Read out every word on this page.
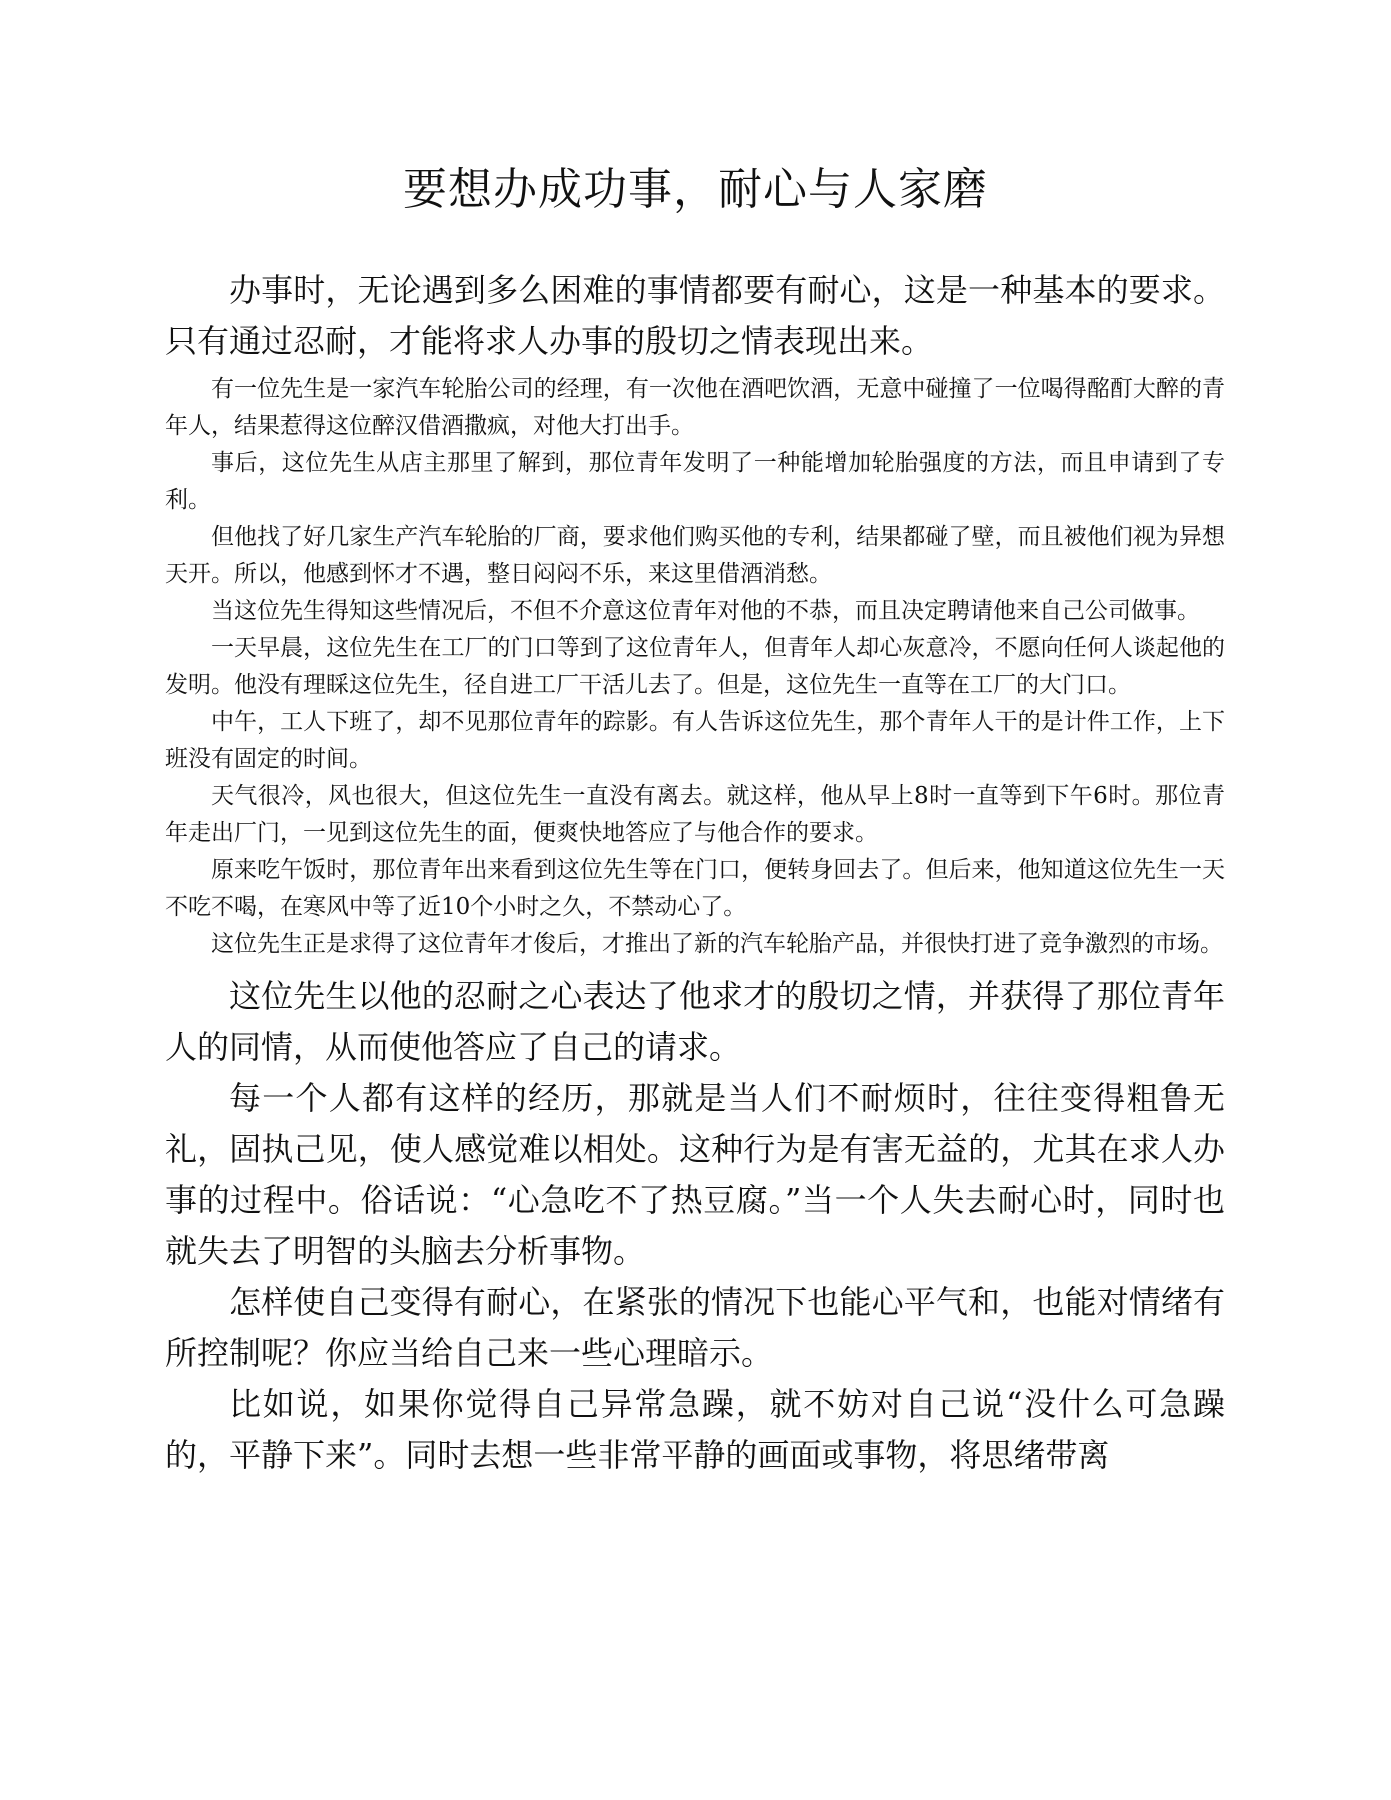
要想办成功事，耐心与人家磨

办事时，无论遇到多么困难的事情都要有耐心，这是一种基本的要求。只有通过忍耐，才能将求人办事的殷切之情表现出来。

有一位先生是一家汽车轮胎公司的经理，有一次他在酒吧饮酒，无意中碰撞了一位喝得酩酊大醉的青年人，结果惹得这位醉汉借酒撒疯，对他大打出手。

事后，这位先生从店主那里了解到，那位青年发明了一种能增加轮胎强度的方法，而且申请到了专利。

但他找了好几家生产汽车轮胎的厂商，要求他们购买他的专利，结果都碰了壁，而且被他们视为异想天开。所以，他感到怀才不遇，整日闷闷不乐，来这里借酒消愁。

当这位先生得知这些情况后，不但不介意这位青年对他的不恭，而且决定聘请他来自己公司做事。

一天早晨，这位先生在工厂的门口等到了这位青年人，但青年人却心灰意冷，不愿向任何人谈起他的发明。他没有理睬这位先生，径自进工厂干活儿去了。但是，这位先生一直等在工厂的大门口。

中午，工人下班了，却不见那位青年的踪影。有人告诉这位先生，那个青年人干的是计件工作，上下班没有固定的时间。

天气很冷，风也很大，但这位先生一直没有离去。就这样，他从早上8时一直等到下午6时。那位青年走出厂门，一见到这位先生的面，便爽快地答应了与他合作的要求。

原来吃午饭时，那位青年出来看到这位先生等在门口，便转身回去了。但后来，他知道这位先生一天不吃不喝，在寒风中等了近10个小时之久，不禁动心了。

这位先生正是求得了这位青年才俊后，才推出了新的汽车轮胎产品，并很快打进了竞争激烈的市场。

这位先生以他的忍耐之心表达了他求才的殷切之情，并获得了那位青年人的同情，从而使他答应了自己的请求。

每一个人都有这样的经历，那就是当人们不耐烦时，往往变得粗鲁无礼，固执己见，使人感觉难以相处。这种行为是有害无益的，尤其在求人办事的过程中。俗话说：“心急吃不了热豆腐。”当一个人失去耐心时，同时也就失去了明智的头脑去分析事物。

怎样使自己变得有耐心，在紧张的情况下也能心平气和，也能对情绪有所控制呢？你应当给自己来一些心理暗示。

比如说，如果你觉得自己异常急躁，就不妨对自己说“没什么可急躁的，平静下来”。同时去想一些非常平静的画面或事物，将思绪带离
